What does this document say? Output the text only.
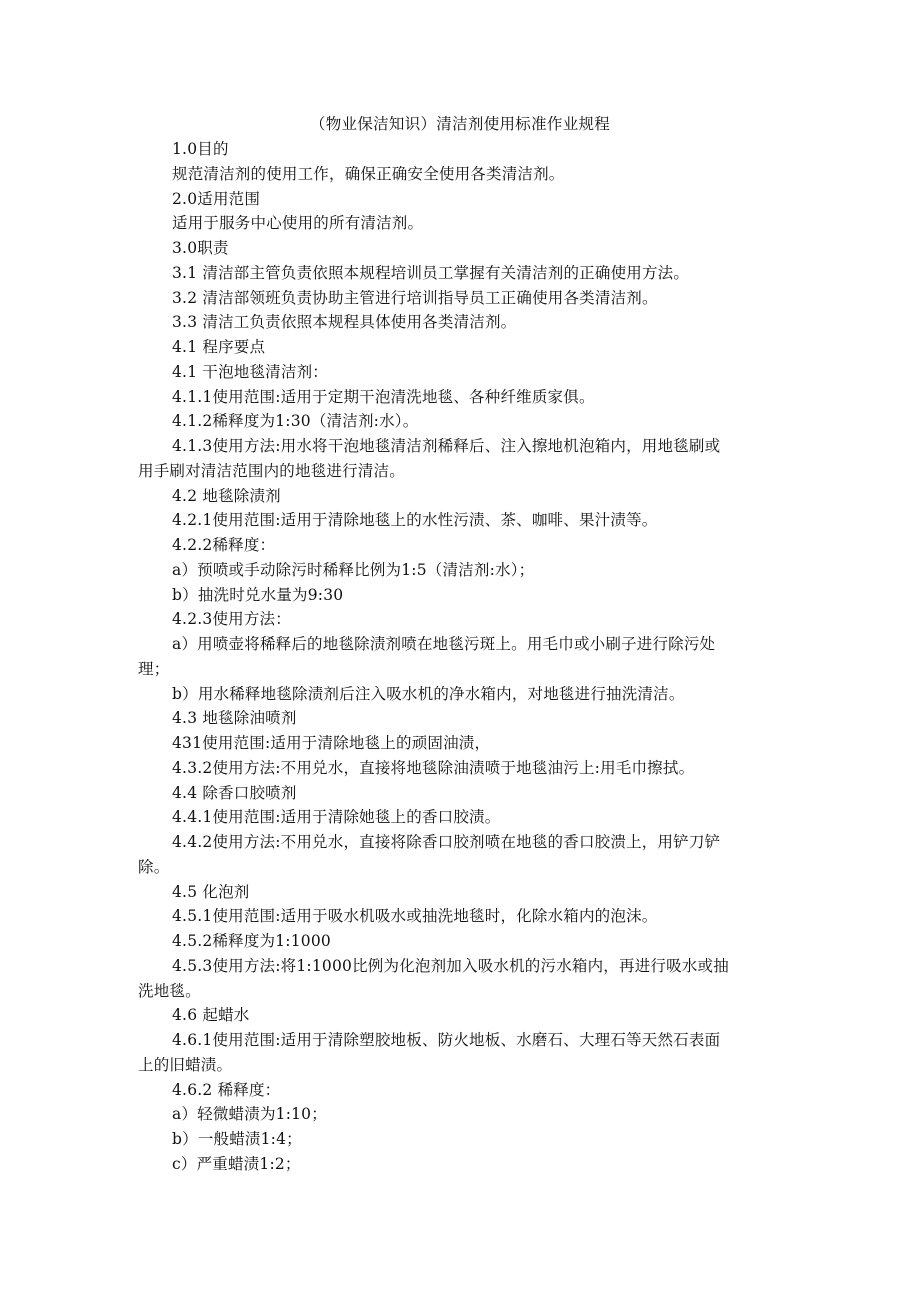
（物业保洁知识）清洁剂使用标准作业规程
1.0目的
规范清洁剂的使用工作，确保正确安全使用各类清洁剂。
2.0适用范围
适用于服务中心使用的所有清洁剂。
3.0职责
3.1 清洁部主管负责依照本规程培训员工掌握有关清洁剂的正确使用方法。
3.2 清洁部领班负责协助主管进行培训指导员工正确使用各类清洁剂。
3.3 清洁工负责依照本规程具体使用各类清洁剂。
4.1 程序要点
4.1 干泡地毯清洁剂：
4.1.1使用范围:适用于定期干泡清洗地毯、各种纤维质家俱。
4.1.2稀释度为1:30（清洁剂:水）。
4.1.3使用方法:用水将干泡地毯清洁剂稀释后、注入擦地机泡箱内，用地毯刷或
用手刷对清洁范围内的地毯进行清洁。
4.2 地毯除渍剂
4.2.1使用范围:适用于清除地毯上的水性污渍、茶、咖啡、果汁渍等。
4.2.2稀释度：
a）预喷或手动除污时稀释比例为1:5（清洁剂:水）；
b）抽洗时兑水量为9:30
4.2.3使用方法：
a）用喷壶将稀释后的地毯除渍剂喷在地毯污斑上。用毛巾或小刷子进行除污处
理；
b）用水稀释地毯除渍剂后注入吸水机的净水箱内，对地毯进行抽洗清洁。
4.3 地毯除油喷剂
431使用范围:适用于清除地毯上的顽固油渍，
4.3.2使用方法:不用兑水，直接将地毯除油渍喷于地毯油污上:用毛巾擦拭。
4.4 除香口胶喷剂
4.4.1使用范围:适用于清除她毯上的香口胶渍。
4.4.2使用方法:不用兑水，直接将除香口胶剂喷在地毯的香口胶溃上，用铲刀铲
除。
4.5 化泡剂
4.5.1使用范围:适用于吸水机吸水或抽洗地毯时，化除水箱内的泡沫。
4.5.2稀释度为1:1000
4.5.3使用方法:将1:1000比例为化泡剂加入吸水机的污水箱内，再进行吸水或抽
洗地毯。
4.6 起蜡水
4.6.1使用范围:适用于清除塑胶地板、防火地板、水磨石、大理石等天然石表面
上的旧蜡渍。
4.6.2 稀释度：
a）轻微蜡渍为1:10；
b）一般蜡渍1:4；
c）严重蜡渍1:2；
